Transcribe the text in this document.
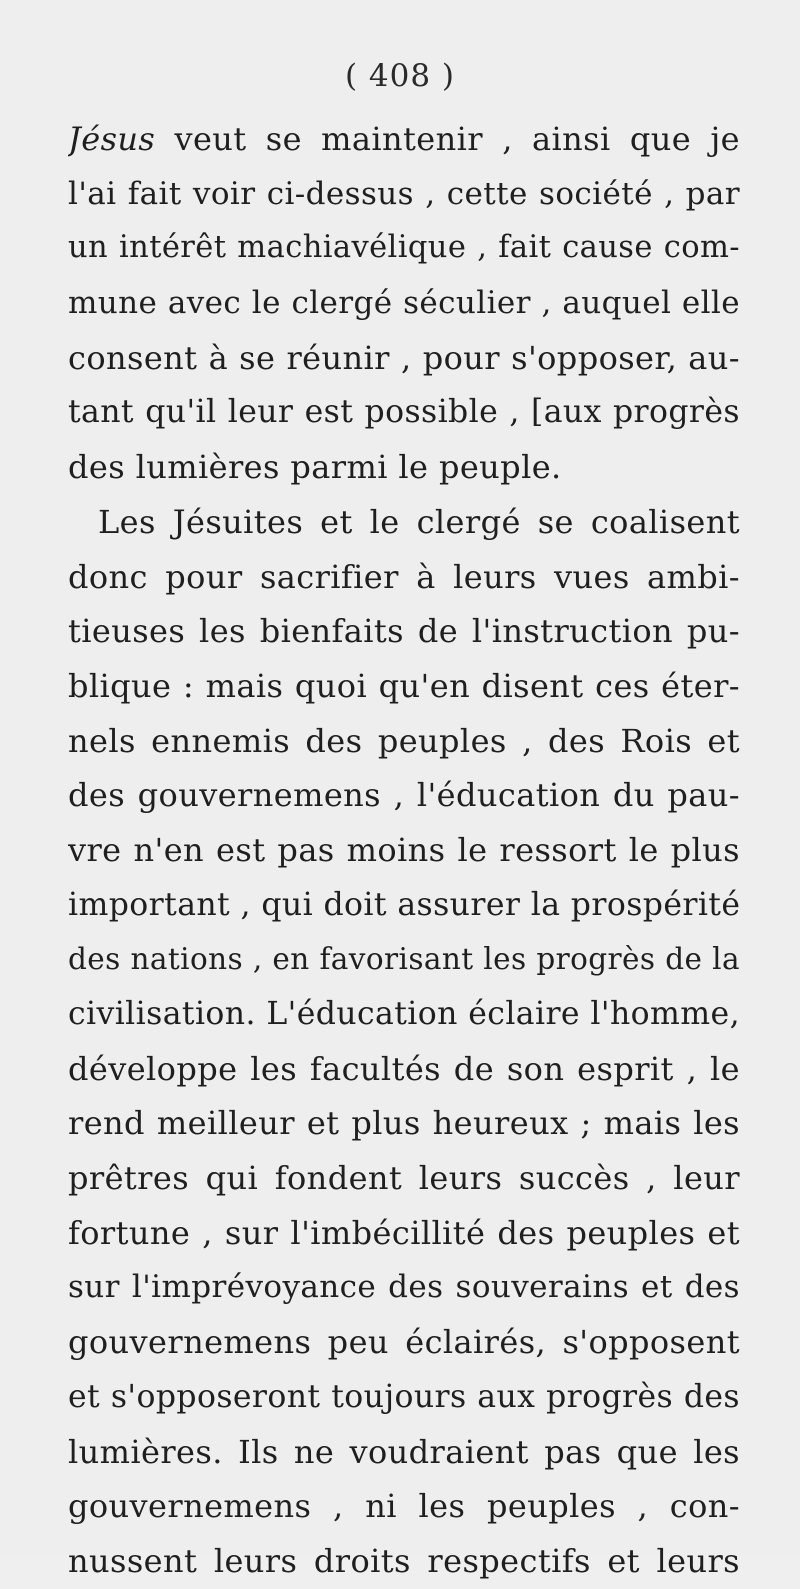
( 408 )
Jésus veut se maintenir , ainsi que je
l'ai fait voir ci-dessus , cette société , par
un intérêt machiavélique , fait cause com-
mune avec le clergé séculier , auquel elle
consent à se réunir , pour s'opposer, au-
tant qu'il leur est possible , [aux progrès
des lumières parmi le peuple.
Les Jésuites et le clergé se coalisent
donc pour sacrifier à leurs vues ambi-
tieuses les bienfaits de l'instruction pu-
blique : mais quoi qu'en disent ces éter-
nels ennemis des peuples , des Rois et
des gouvernemens , l'éducation du pau-
vre n'en est pas moins le ressort le plus
important , qui doit assurer la prospérité
des nations , en favorisant les progrès de la
civilisation. L'éducation éclaire l'homme,
développe les facultés de son esprit , le
rend meilleur et plus heureux ; mais les
prêtres qui fondent leurs succès , leur
fortune , sur l'imbécillité des peuples et
sur l'imprévoyance des souverains et des
gouvernemens peu éclairés, s'opposent
et s'opposeront toujours aux progrès des
lumières. Ils ne voudraient pas que les
gouvernemens , ni les peuples , con-
nussent leurs droits respectifs et leurs
